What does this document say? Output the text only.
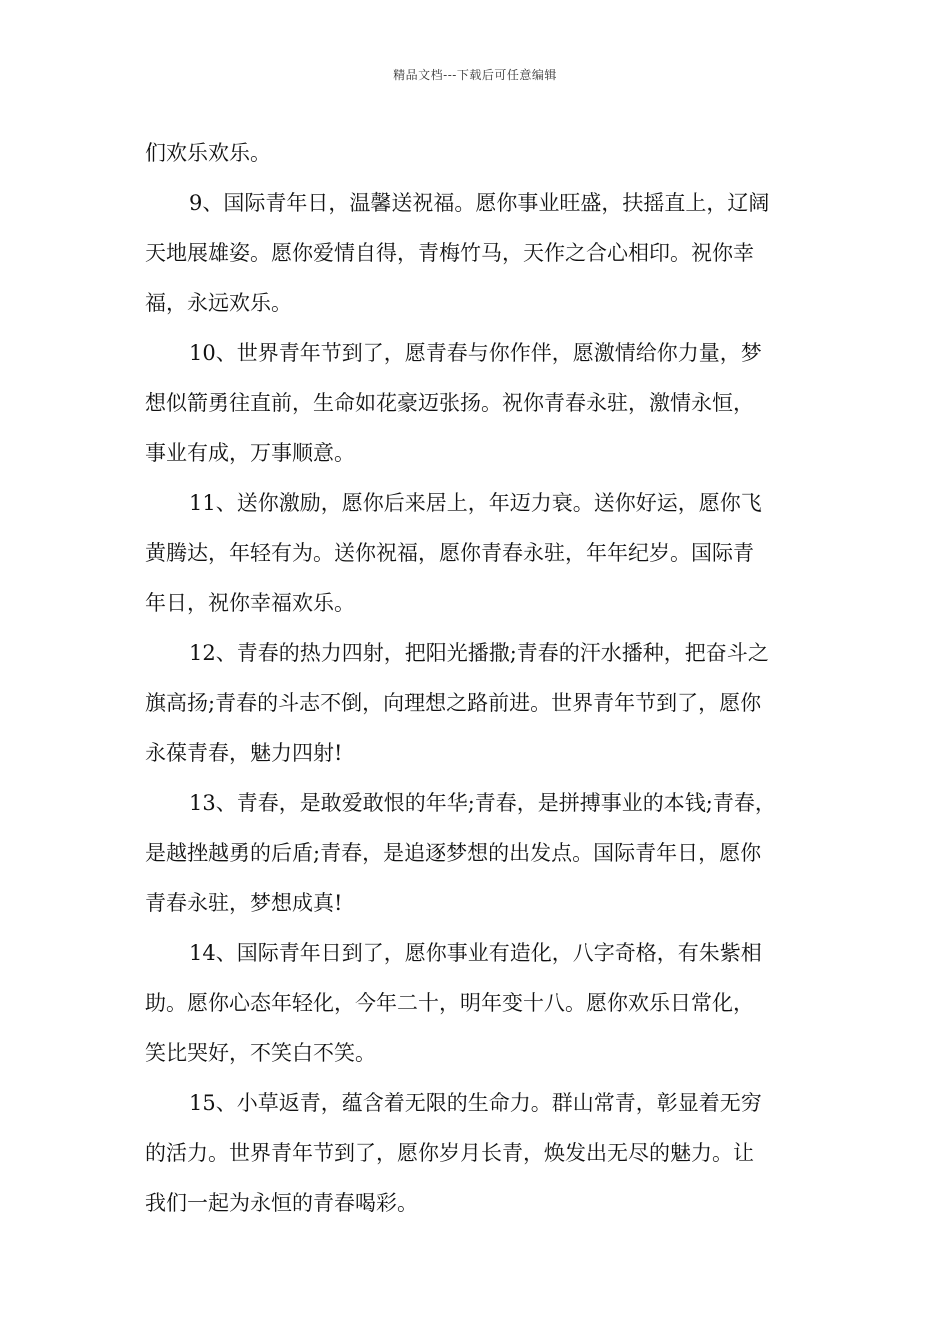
精品文档---下载后可任意编辑
们欢乐欢乐。
9、国际青年日，温馨送祝福。愿你事业旺盛，扶摇直上，辽阔
天地展雄姿。愿你爱情自得，青梅竹马，天作之合心相印。祝你幸
福，永远欢乐。
10、世界青年节到了，愿青春与你作伴，愿激情给你力量，梦
想似箭勇往直前，生命如花豪迈张扬。祝你青春永驻，激情永恒，
事业有成，万事顺意。
11、送你激励，愿你后来居上，年迈力衰。送你好运，愿你飞
黄腾达，年轻有为。送你祝福，愿你青春永驻，年年纪岁。国际青
年日，祝你幸福欢乐。
12、青春的热力四射，把阳光播撒;青春的汗水播种，把奋斗之
旗高扬;青春的斗志不倒，向理想之路前进。世界青年节到了，愿你
永葆青春，魅力四射!
13、青春，是敢爱敢恨的年华;青春，是拼搏事业的本钱;青春，
是越挫越勇的后盾;青春，是追逐梦想的出发点。国际青年日，愿你
青春永驻，梦想成真!
14、国际青年日到了，愿你事业有造化，八字奇格，有朱紫相
助。愿你心态年轻化，今年二十，明年变十八。愿你欢乐日常化，
笑比哭好，不笑白不笑。
15、小草返青，蕴含着无限的生命力。群山常青，彰显着无穷
的活力。世界青年节到了，愿你岁月长青，焕发出无尽的魅力。让
我们一起为永恒的青春喝彩。
